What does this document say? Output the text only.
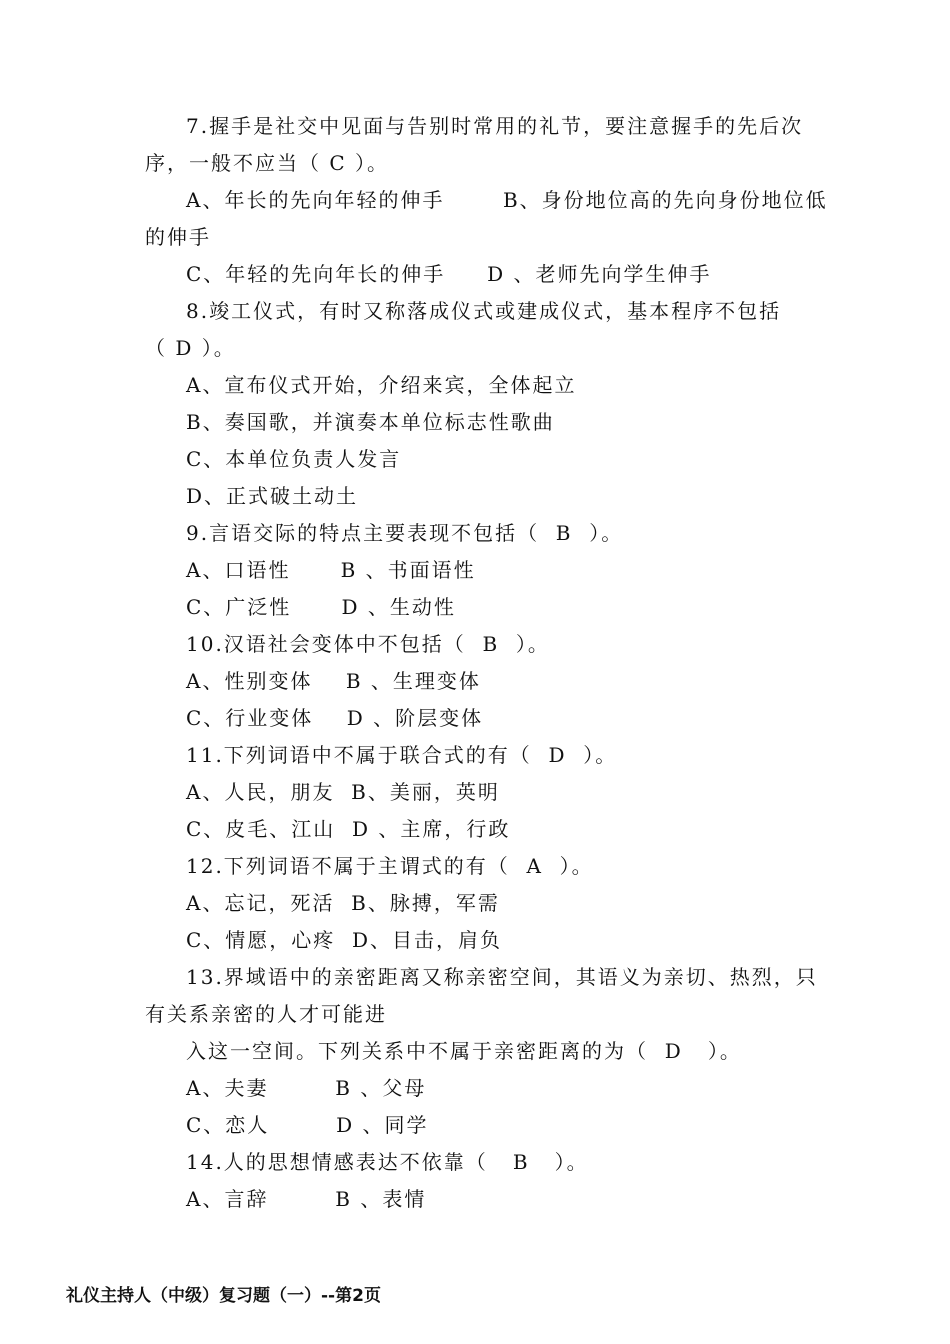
7.握手是社交中见面与告别时常用的礼节，要注意握手的先后次
序，一般不应当（ C ）。
A、年长的先向年轻的伸手       B、身份地位高的先向身份地位低
的伸手
C、年轻的先向年长的伸手     D 、老师先向学生伸手
8.竣工仪式，有时又称落成仪式或建成仪式，基本程序不包括
（ D ）。
A、宣布仪式开始，介绍来宾，全体起立
B、奏国歌，并演奏本单位标志性歌曲
C、本单位负责人发言
D、正式破土动土
9.言语交际的特点主要表现不包括（  B  ）。
A、口语性      B 、书面语性
C、广泛性      D 、生动性
10.汉语社会变体中不包括（  B  ）。
A、性别变体    B 、生理变体
C、行业变体    D 、阶层变体
11.下列词语中不属于联合式的有（  D  ）。
A、人民，朋友  B、美丽，英明
C、皮毛、江山  D 、主席，行政
12.下列词语不属于主谓式的有（  A  ）。
A、忘记，死活  B、脉搏，军需
C、情愿，心疼  D、目击，肩负
13.界域语中的亲密距离又称亲密空间，其语义为亲切、热烈，只
有关系亲密的人才可能进
入这一空间。下列关系中不属于亲密距离的为（  D   ）。
A、夫妻        B 、父母
C、恋人        D 、同学
14.人的思想情感表达不依靠（   B   ）。
A、言辞        B 、表情
礼仪主持人（中级）复习题（一）--第2页
